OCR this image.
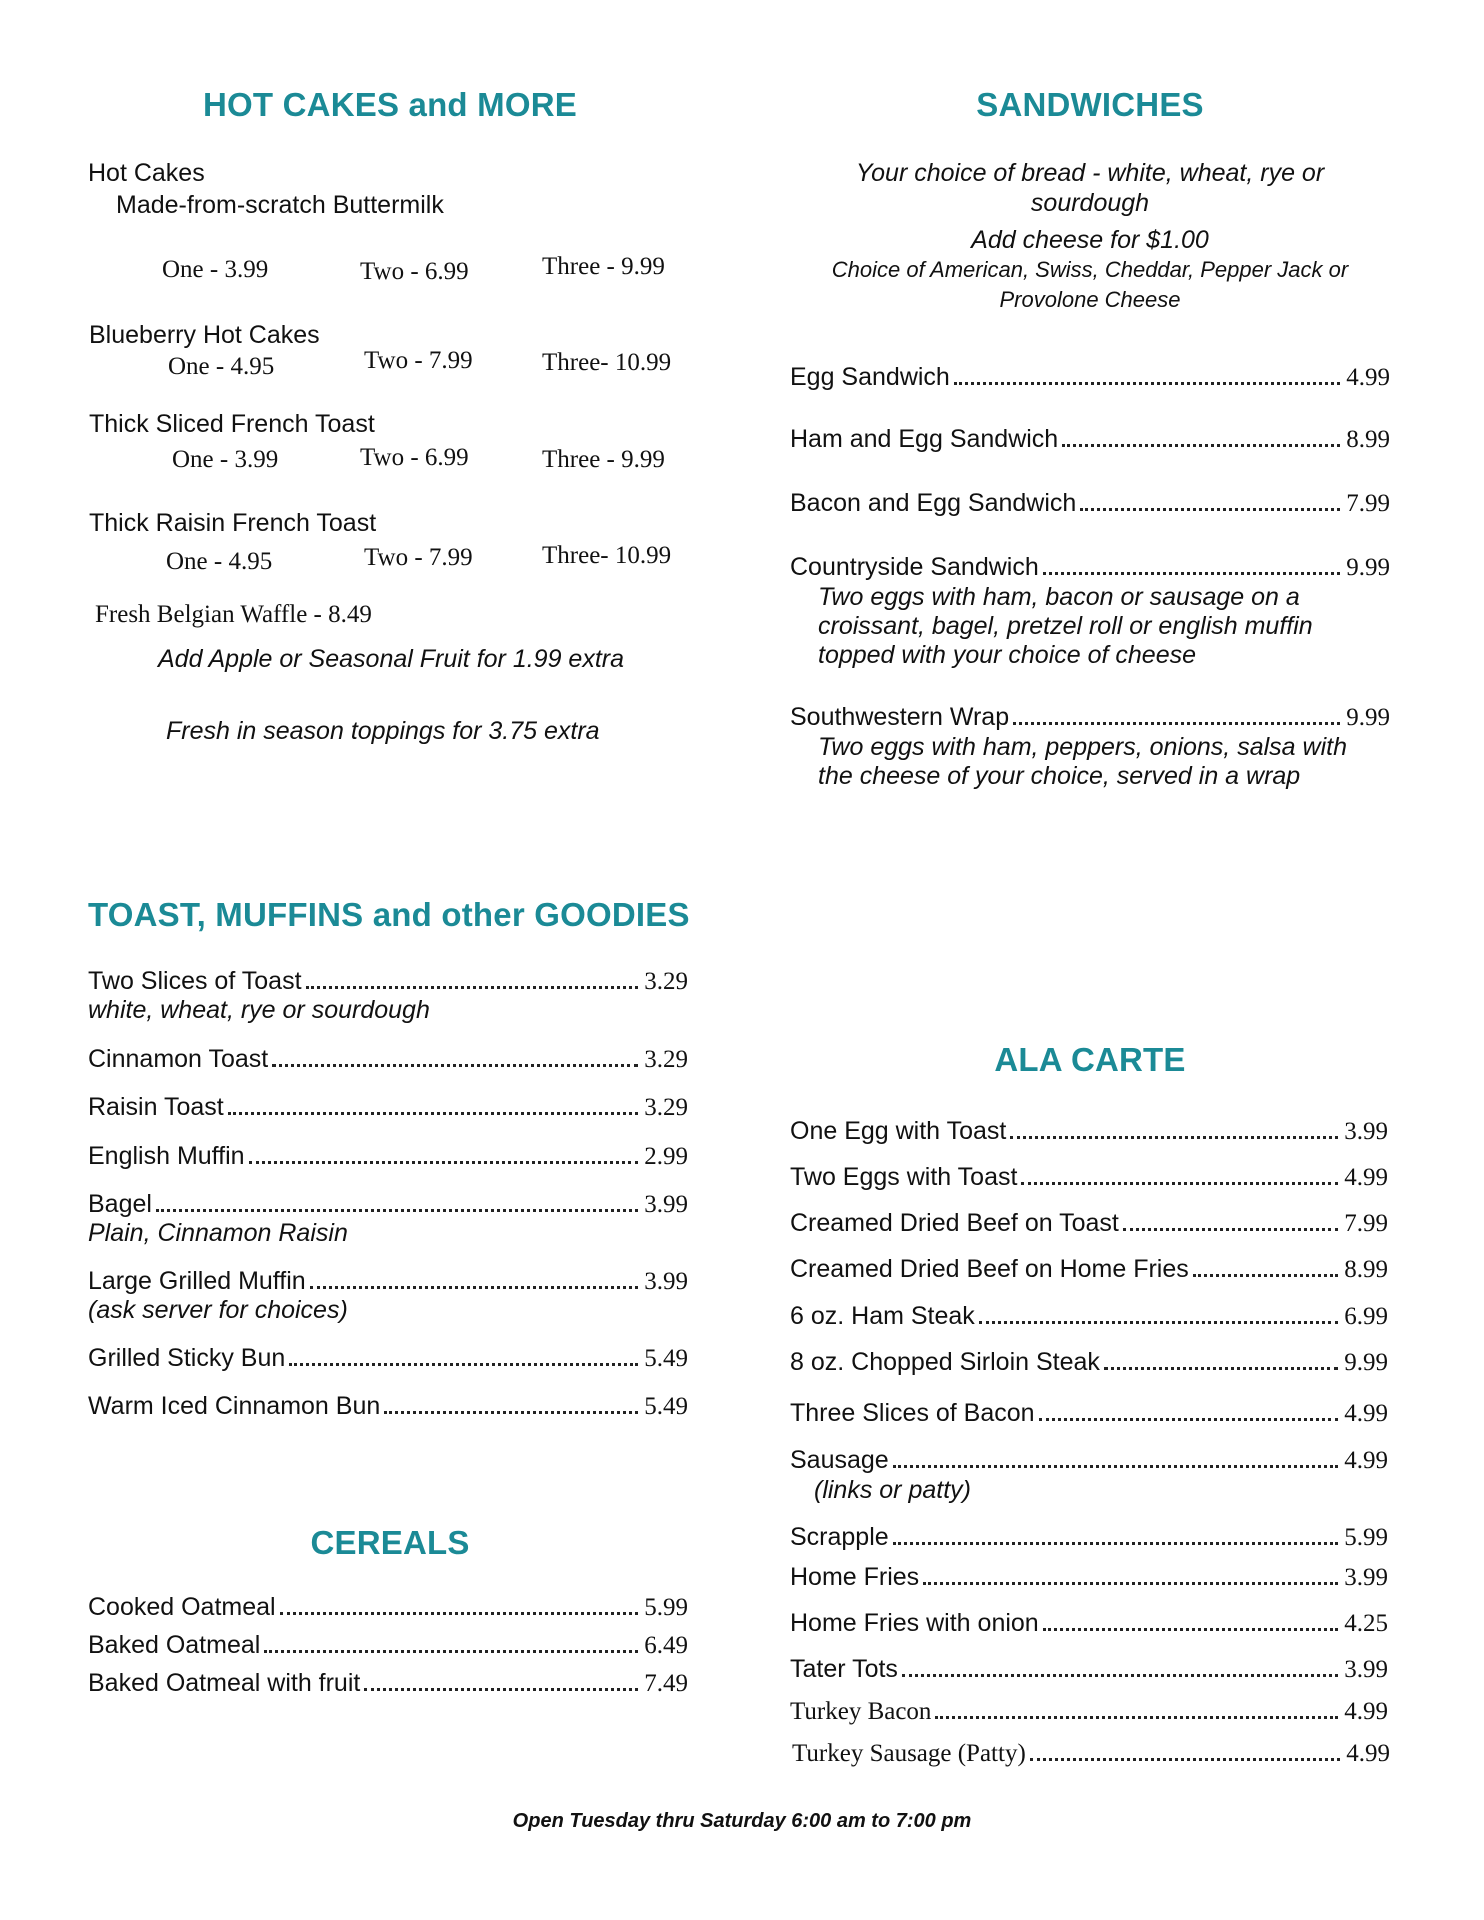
HOT CAKES and MORE
Hot Cakes
Made-from-scratch Buttermilk
One - 3.99	Two - 6.99	Three - 9.99
Blueberry Hot Cakes
One - 4.95	Two - 7.99	Three- 10.99
Thick Sliced French Toast
One - 3.99	Two - 6.99	Three - 9.99
Thick Raisin French Toast
One - 4.95	Two - 7.99	Three- 10.99
Fresh Belgian Waffle - 8.49
Add Apple or Seasonal Fruit for 1.99 extra
Fresh in season toppings for 3.75 extra
SANDWICHES
Your choice of bread - white, wheat, rye or
sourdough
Add cheese for $1.00
Choice of American, Swiss, Cheddar, Pepper Jack or
Provolone Cheese
Egg Sandwich	4.99
Ham and Egg Sandwich	8.99
Bacon and Egg Sandwich	7.99
Countryside Sandwich	9.99
Two eggs with ham, bacon or sausage on a
croissant, bagel, pretzel roll or english muffin
topped with your choice of cheese
Southwestern Wrap	9.99
Two eggs with ham, peppers, onions, salsa with
the cheese of your choice, served in a wrap
TOAST, MUFFINS and other GOODIES
Two Slices of Toast	3.29
white, wheat, rye or sourdough
Cinnamon Toast	3.29
Raisin Toast	3.29
English Muffin	2.99
Bagel	3.99
Plain, Cinnamon Raisin
Large Grilled Muffin	3.99
(ask server for choices)
Grilled Sticky Bun	5.49
Warm Iced Cinnamon Bun	5.49
CEREALS
Cooked Oatmeal	5.99
Baked Oatmeal	6.49
Baked Oatmeal with fruit	7.49
ALA CARTE
One Egg with Toast	3.99
Two Eggs with Toast	4.99
Creamed Dried Beef on Toast	7.99
Creamed Dried Beef on Home Fries	8.99
6 oz. Ham Steak	6.99
8 oz. Chopped Sirloin Steak	9.99
Three Slices of Bacon	4.99
Sausage	4.99
(links or patty)
Scrapple	5.99
Home Fries	3.99
Home Fries with onion	4.25
Tater Tots	3.99
Turkey Bacon	4.99
Turkey Sausage (Patty)	4.99
Open Tuesday thru Saturday 6:00 am to 7:00 pm
